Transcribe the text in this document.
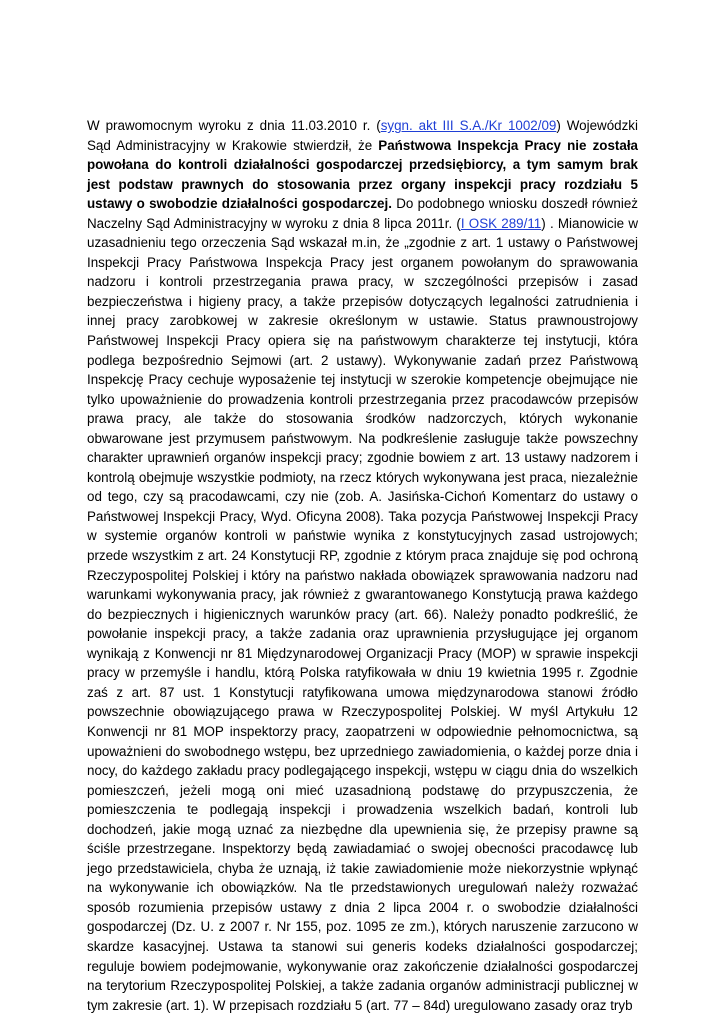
W prawomocnym wyroku z dnia 11.03.2010 r. (sygn. akt III S.A./Kr 1002/09) Wojewódzki Sąd Administracyjny w Krakowie stwierdził, że Państwowa Inspekcja Pracy nie została powołana do kontroli działalności gospodarczej przedsiębiorcy, a tym samym brak jest podstaw prawnych do stosowania przez organy inspekcji pracy rozdziału 5 ustawy o swobodzie działalności gospodarczej. Do podobnego wniosku doszedł również Naczelny Sąd Administracyjny w wyroku z dnia 8 lipca 2011r. (I OSK 289/11) . Mianowicie w uzasadnieniu tego orzeczenia Sąd wskazał m.in, że „zgodnie z art. 1 ustawy o Państwowej Inspekcji Pracy Państwowa Inspekcja Pracy jest organem powołanym do sprawowania nadzoru i kontroli przestrzegania prawa pracy, w szczególności przepisów i zasad bezpieczeństwa i higieny pracy, a także przepisów dotyczących legalności zatrudnienia i innej pracy zarobkowej w zakresie określonym w ustawie. Status prawnoustrojowy Państwowej Inspekcji Pracy opiera się na państwowym charakterze tej instytucji, która podlega bezpośrednio Sejmowi (art. 2 ustawy). Wykonywanie zadań przez Państwową Inspekcję Pracy cechuje wyposażenie tej instytucji w szerokie kompetencje obejmujące nie tylko upoważnienie do prowadzenia kontroli przestrzegania przez pracodawców przepisów prawa pracy, ale także do stosowania środków nadzorczych, których wykonanie obwarowane jest przymusem państwowym. Na podkreślenie zasługuje także powszechny charakter uprawnień organów inspekcji pracy; zgodnie bowiem z art. 13 ustawy nadzorem i kontrolą obejmuje wszystkie podmioty, na rzecz których wykonywana jest praca, niezależnie od tego, czy są pracodawcami, czy nie (zob. A. Jasińska-Cichoń Komentarz do ustawy o Państwowej Inspekcji Pracy, Wyd. Oficyna 2008). Taka pozycja Państwowej Inspekcji Pracy w systemie organów kontroli w państwie wynika z konstytucyjnych zasad ustrojowych; przede wszystkim z art. 24 Konstytucji RP, zgodnie z którym praca znajduje się pod ochroną Rzeczypospolitej Polskiej i który na państwo nakłada obowiązek sprawowania nadzoru nad warunkami wykonywania pracy, jak również z gwarantowanego Konstytucją prawa każdego do bezpiecznych i higienicznych warunków pracy (art. 66). Należy ponadto podkreślić, że powołanie inspekcji pracy, a także zadania oraz uprawnienia przysługujące jej organom wynikają z Konwencji nr 81 Międzynarodowej Organizacji Pracy (MOP) w sprawie inspekcji pracy w przemyśle i handlu, którą Polska ratyfikowała w dniu 19 kwietnia 1995 r. Zgodnie zaś z art. 87 ust. 1 Konstytucji ratyfikowana umowa międzynarodowa stanowi źródło powszechnie obowiązującego prawa w Rzeczypospolitej Polskiej. W myśl Artykułu 12 Konwencji nr 81 MOP inspektorzy pracy, zaopatrzeni w odpowiednie pełnomocnictwa, są upoważnieni do swobodnego wstępu, bez uprzedniego zawiadomienia, o każdej porze dnia i nocy, do każdego zakładu pracy podlegającego inspekcji, wstępu w ciągu dnia do wszelkich pomieszczeń, jeżeli mogą oni mieć uzasadnioną podstawę do przypuszczenia, że pomieszczenia te podlegają inspekcji i prowadzenia wszelkich badań, kontroli lub dochodzeń, jakie mogą uznać za niezbędne dla upewnienia się, że przepisy prawne są ściśle przestrzegane. Inspektorzy będą zawiadamiać o swojej obecności pracodawcę lub jego przedstawiciela, chyba że uznają, iż takie zawiadomienie może niekorzystnie wpłynąć na wykonywanie ich obowiązków. Na tle przedstawionych uregulowań należy rozważać sposób rozumienia przepisów ustawy z dnia 2 lipca 2004 r. o swobodzie działalności gospodarczej (Dz. U. z 2007 r. Nr 155, poz. 1095 ze zm.), których naruszenie zarzucono w skardze kasacyjnej. Ustawa ta stanowi sui generis kodeks działalności gospodarczej; reguluje bowiem podejmowanie, wykonywanie oraz zakończenie działalności gospodarczej na terytorium Rzeczypospolitej Polskiej, a także zadania organów administracji publicznej w tym zakresie (art. 1). W przepisach rozdziału 5 (art. 77 – 84d) uregulowano zasady oraz tryb
